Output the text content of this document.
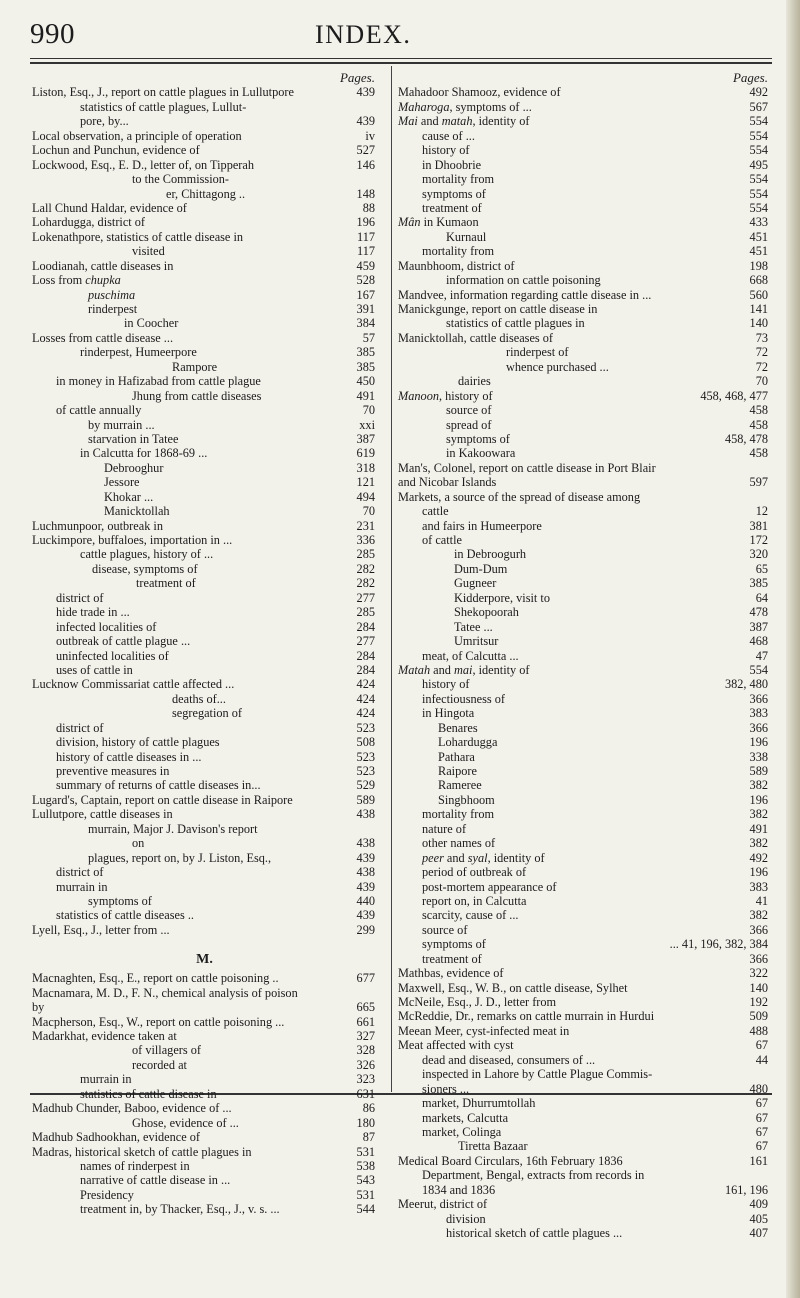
990	INDEX.
Pages.
Liston, Esq., J., report on cattle plagues in Lullutpore	439
statistics of cattle plagues, Lullut-
pore, by...	439
Local observation, a principle of operation	iv
Lochun and Punchun, evidence of	527
Lockwood, Esq., E. D., letter of, on Tipperah	146
to the Commission-
er, Chittagong ..	148
Lall Chund Haldar, evidence of	88
Lohardugga, district of	196
Lokenathpore, statistics of cattle disease in	117
visited	117
Loodianah, cattle diseases in	459
Loss from chupka	528
puschima	167
rinderpest	391
in Coocher	384
Losses from cattle disease ...	57
rinderpest, Humeerpore	385
Rampore	385
in money in Hafizabad from cattle plague	450
Jhung from cattle diseases	491
of cattle annually	70
by murrain ...	xxi
starvation in Tatee	387
in Calcutta for 1868-69 ...	619
Debrooghur	318
Jessore	121
Khokar ...	494
Manicktollah	70
Luchmunpoor, outbreak in	231
Luckimpore, buffaloes, importation in ...	336
cattle plagues, history of ...	285
disease, symptoms of	282
treatment of	282
district of	277
hide trade in ...	285
infected localities of	284
outbreak of cattle plague ...	277
uninfected localities of	284
uses of cattle in	284
Lucknow Commissariat cattle affected ...	424
deaths of...	424
segregation of	424
district of	523
division, history of cattle plagues	508
history of cattle diseases in ...	523
preventive measures in	523
summary of returns of cattle diseases in...	529
Lugard's, Captain, report on cattle disease in Raipore	589
Lullutpore, cattle diseases in	438
murrain, Major J. Davison's report
on	438
plagues, report on, by J. Liston, Esq.,	439
district of	438
murrain in	439
symptoms of	440
statistics of cattle diseases ..	439
Lyell, Esq., J., letter from ...	299
M.
Macnaghten, Esq., E., report on cattle poisoning ..	677
Macnamara, M. D., F. N., chemical analysis of poison
by	665
Macpherson, Esq., W., report on cattle poisoning ...	661
Madarkhat, evidence taken at	327
of villagers of	328
recorded at	326
murrain in	323
statistics of cattle disease in	631
Madhub Chunder, Baboo, evidence of ...	86
Ghose, evidence of ...	180
Madhub Sadhookhan, evidence of	87
Madras, historical sketch of cattle plagues in	531
names of rinderpest in	538
narrative of cattle disease in ...	543
Presidency	531
treatment in, by Thacker, Esq., J., v. s. ...	544
Pages.
Mahadoor Shamooz, evidence of	492
Maharoga, symptoms of ...	567
Mai and matah, identity of	554
cause of ...	554
history of	554
in Dhoobrie	495
mortality from	554
symptoms of	554
treatment of	554
Mân in Kumaon	433
Kurnaul	451
mortality from	451
Maunbhoom, district of	198
information on cattle poisoning	668
Mandvee, information regarding cattle disease in ...	560
Manickgunge, report on cattle disease in	141
statistics of cattle plagues in	140
Manicktollah, cattle diseases of	73
rinderpest of	72
whence purchased ...	72
dairies	70
Manoon, history of	458, 468, 477
source of	458
spread of	458
symptoms of	458, 478
in Kakoowara	458
Man's, Colonel, report on cattle disease in Port Blair
and Nicobar Islands	597
Markets, a source of the spread of disease among
cattle	12
and fairs in Humeerpore	381
of cattle	172
in Debroogurh	320
Dum-Dum	65
Gugneer	385
Kidderpore, visit to	64
Shekopoorah	478
Tatee ...	387
Umritsur	468
meat, of Calcutta ...	47
Matah and mai, identity of	554
history of	382, 480
infectiousness of	366
in Hingota	383
Benares	366
Lohardugga	196
Pathara	338
Raipore	589
Rameree	382
Singbhoom	196
mortality from	382
nature of	491
other names of	382
peer and syal, identity of	492
period of outbreak of	196
post-mortem appearance of	383
report on, in Calcutta	41
scarcity, cause of ...	382
source of	366
symptoms of	... 41, 196, 382, 384
treatment of	366
Mathbas, evidence of	322
Maxwell, Esq., W. B., on cattle disease, Sylhet	140
McNeile, Esq., J. D., letter from	192
McReddie, Dr., remarks on cattle murrain in Hurdui	509
Meean Meer, cyst-infected meat in	488
Meat affected with cyst	67
dead and diseased, consumers of ...	44
inspected in Lahore by Cattle Plague Commis-
sioners ...	480
market, Dhurrumtollah	67
markets, Calcutta	67
market, Colinga	67
Tiretta Bazaar	67
Medical Board Circulars, 16th February 1836	161
Department, Bengal, extracts from records in
1834 and 1836	161, 196
Meerut, district of	409
division	405
historical sketch of cattle plagues ...	407
